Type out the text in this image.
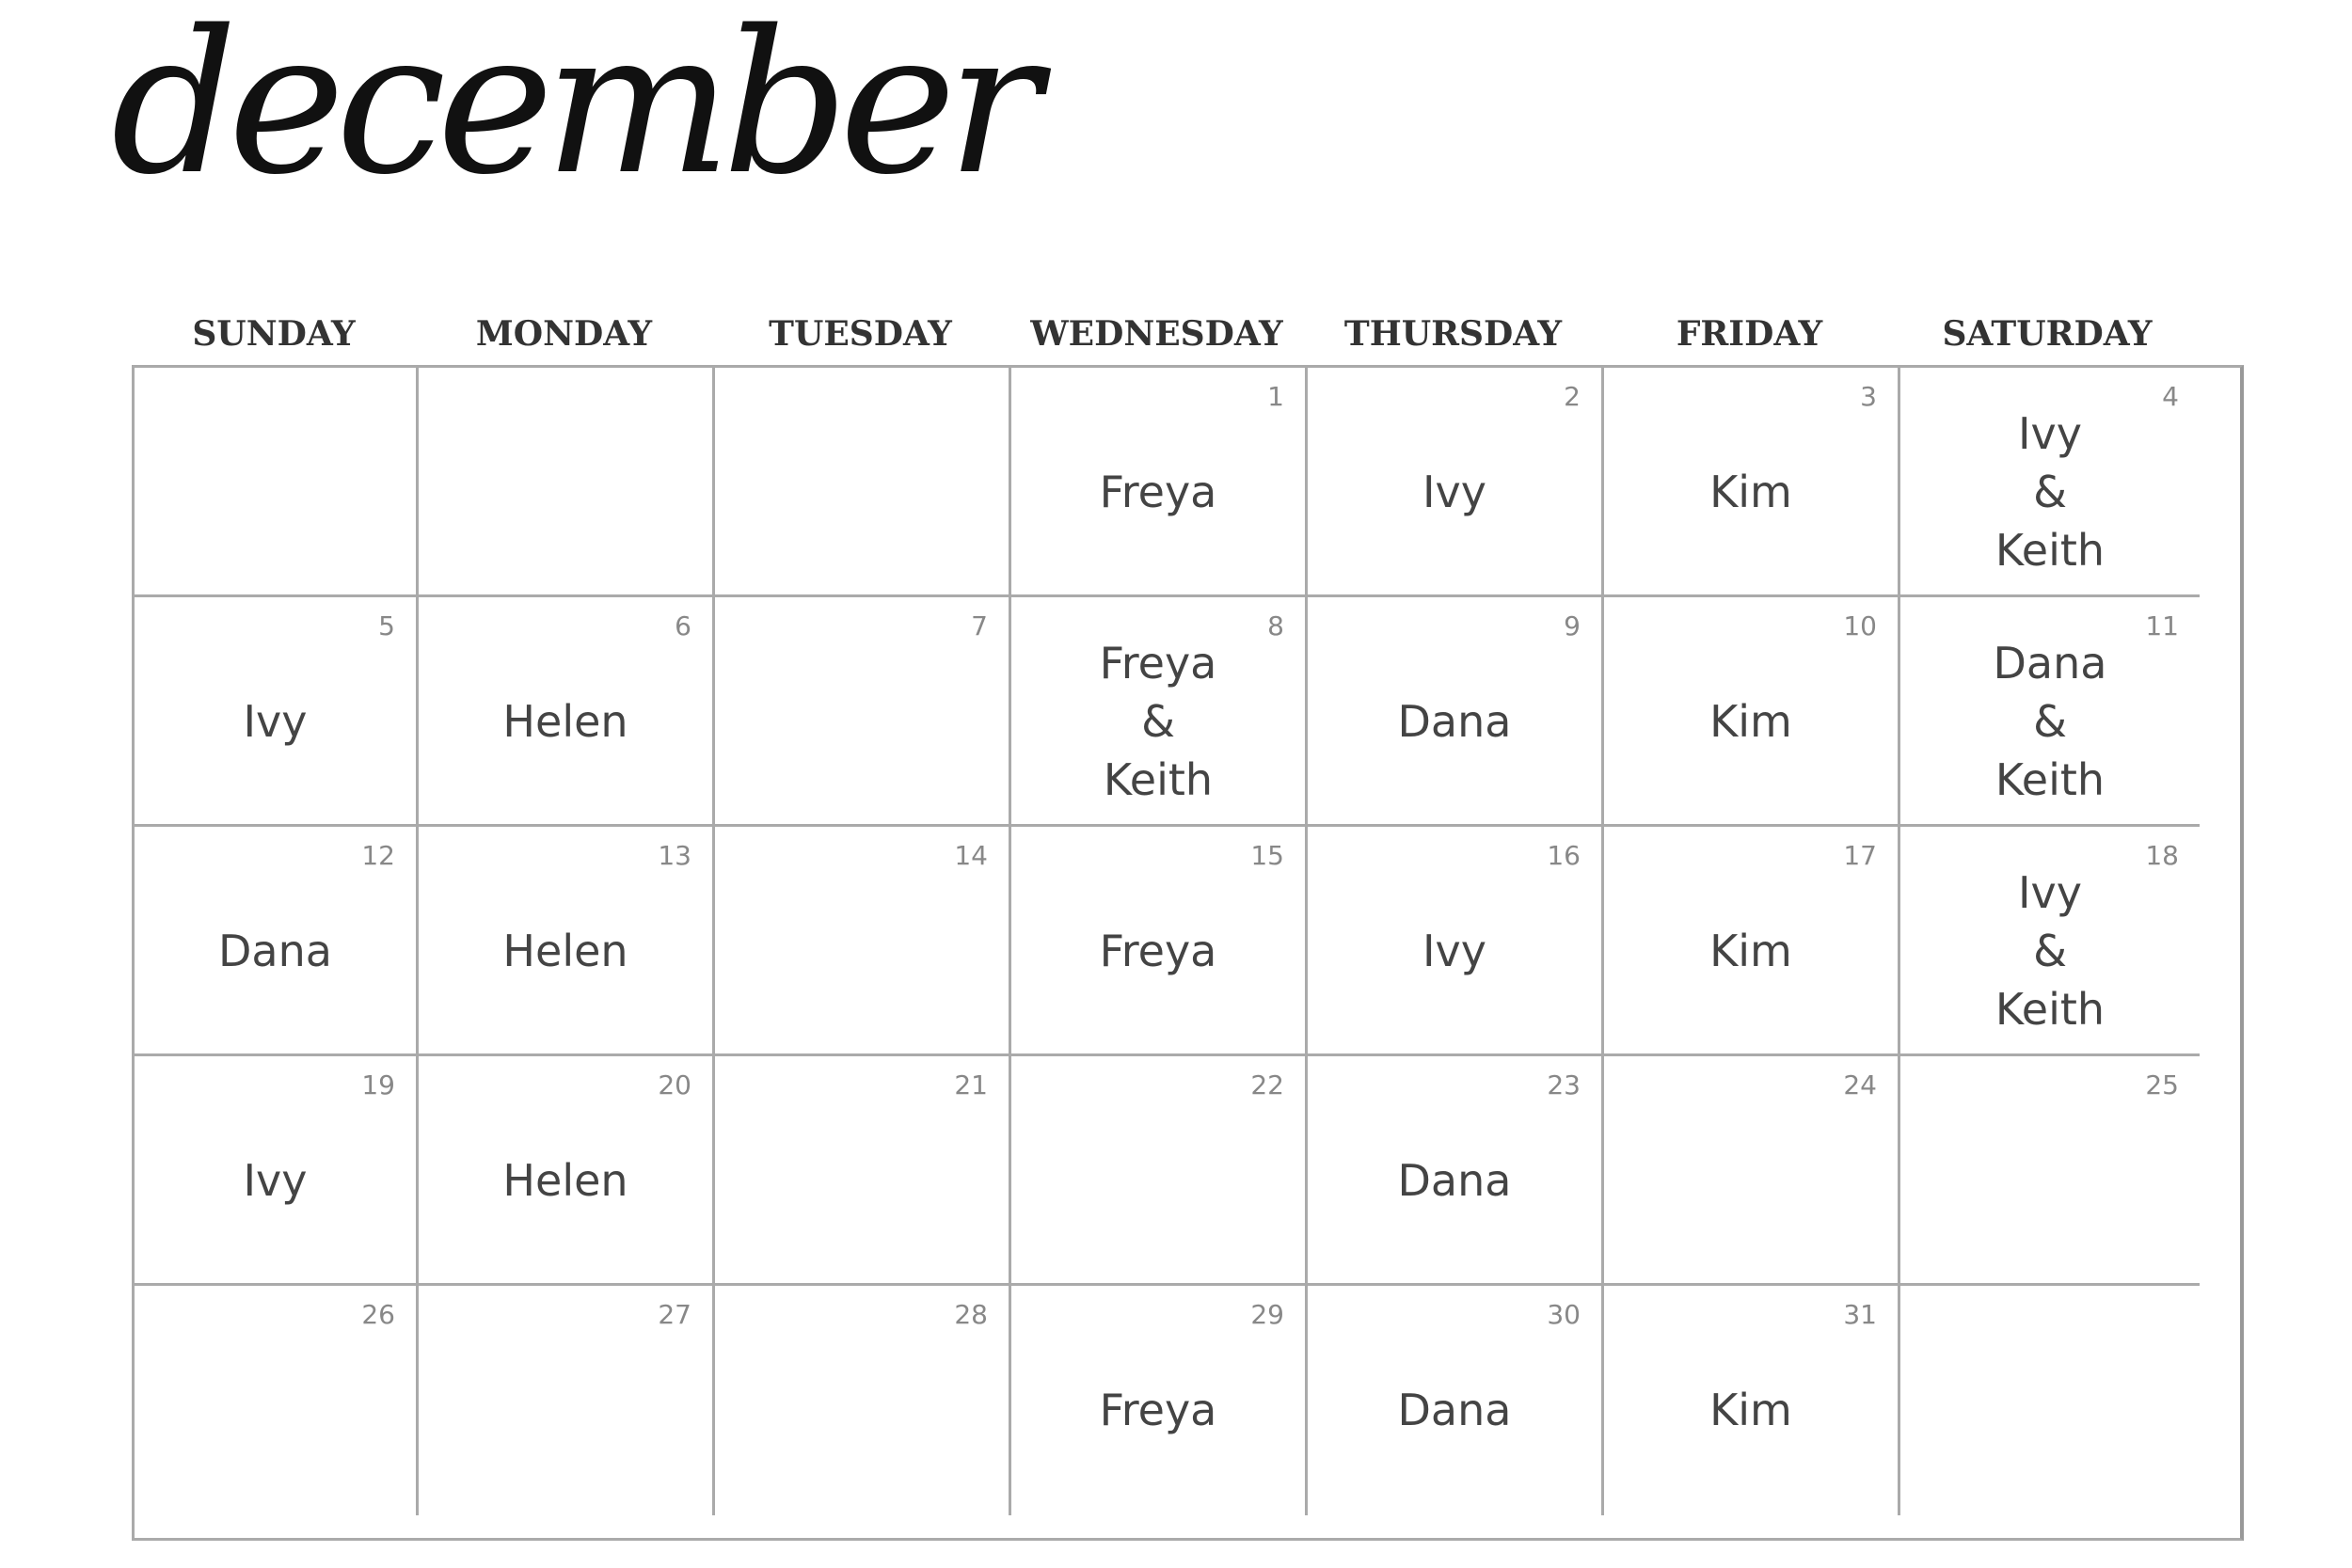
december
SUNDAY	MONDAY	TUESDAY	WEDNESDAY	THURSDAY	FRIDAY	SATURDAY
1
Freya
2
Ivy
3
Kim
4
Ivy
&
Keith
5
Ivy
6
Helen
7	8
Freya
&
Keith
9
Dana
10
Kim
11
Dana
&
Keith
12
Dana
13
Helen
14	15
Freya
16
Ivy
17
Kim
18
Ivy
&
Keith
19
Ivy
20
Helen
21	22	23
Dana
24	25
26	27	28	29
Freya
30
Dana
31
Kim
